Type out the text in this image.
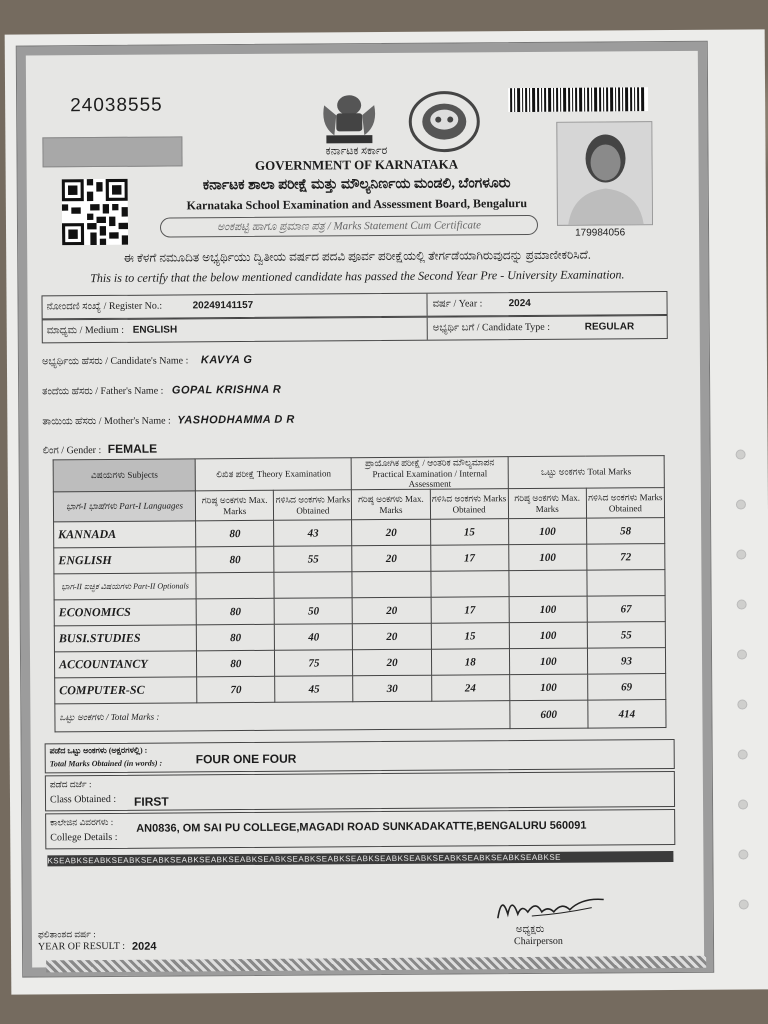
24038555
179984056
ಕರ್ನಾಟಕ ಸರ್ಕಾರ
GOVERNMENT OF KARNATAKA
ಕರ್ನಾಟಕ ಶಾಲಾ ಪರೀಕ್ಷೆ ಮತ್ತು ಮೌಲ್ಯನಿರ್ಣಯ ಮಂಡಲಿ, ಬೆಂಗಳೂರು
Karnataka School Examination and Assessment Board, Bengaluru
ಅಂಕಪಟ್ಟಿ ಹಾಗೂ ಪ್ರಮಾಣ ಪತ್ರ / Marks Statement Cum Certificate
ಈ ಕೆಳಗೆ ನಮೂದಿತ ಅಭ್ಯರ್ಥಿಯು ದ್ವಿತೀಯ ವರ್ಷದ ಪದವಿ ಪೂರ್ವ ಪರೀಕ್ಷೆಯಲ್ಲಿ ತೇರ್ಗಡೆಯಾಗಿರುವುದನ್ನು ಪ್ರಮಾಣೀಕರಿಸಿದೆ.
This is to certify that the below mentioned candidate has passed the Second Year Pre - University Examination.
ನೋಂದಣಿ ಸಂಖ್ಯೆ / Register No.:	20249141157	ವರ್ಷ / Year :	2024
ಮಾಧ್ಯಮ / Medium : ENGLISH	ಅಭ್ಯರ್ಥಿ ಬಗೆ / Candidate Type :	REGULAR
ಅಭ್ಯರ್ಥಿಯ ಹೆಸರು / Candidate's Name : KAVYA G
ತಂದೆಯ ಹೆಸರು / Father's Name : GOPAL KRISHNA R
ತಾಯಿಯ ಹೆಸರು / Mother's Name : YASHODHAMMA D R
ಲಿಂಗ / Gender : FEMALE
ವಿಷಯಗಳು Subjects	ಲಿಖಿತ ಪರೀಕ್ಷೆ Theory Examination		ಪ್ರಾಯೋಗಿಕ ಪರೀಕ್ಷೆ / ಆಂತರಿಕ ಮೌಲ್ಯಮಾಪನ Practical Examination / Internal Assessment		ಒಟ್ಟು ಅಂಕಗಳು Total Marks	
ಭಾಗ-I ಭಾಷೆಗಳು Part-I Languages	ಗರಿಷ್ಠ ಅಂಕಗಳು Max. Marks	ಗಳಿಸಿದ ಅಂಕಗಳು Marks Obtained	ಗರಿಷ್ಠ ಅಂಕಗಳು Max. Marks	ಗಳಿಸಿದ ಅಂಕಗಳು Marks Obtained	ಗರಿಷ್ಠ ಅಂಕಗಳು Max. Marks	ಗಳಿಸಿದ ಅಂಕಗಳು Marks Obtained
KANNADA	80	43	20	15	100	58
ENGLISH	80	55	20	17	100	72
ಭಾಗ-II ಐಚ್ಛಿಕ ವಿಷಯಗಳು Part-II Optionals						
ECONOMICS	80	50	20	17	100	67
BUSI.STUDIES	80	40	20	15	100	55
ACCOUNTANCY	80	75	20	18	100	93
COMPUTER-SC	70	45	30	24	100	69
ಒಟ್ಟು ಅಂಕಗಳು / Total Marks :					600	414
ಪಡೆದ ಒಟ್ಟು ಅಂಕಗಳು (ಅಕ್ಷರಗಳಲ್ಲಿ) :
Total Marks Obtained (in words) :	FOUR ONE FOUR
ಪಡೆದ ದರ್ಜೆ :
Class Obtained : FIRST
ಕಾಲೇಜಿನ ವಿವರಗಳು :
College Details :
AN0836, OM SAI PU COLLEGE,MAGADI ROAD SUNKADAKATTE,BENGALURU 560091
KSEABKSEABKSEABKSEABKSEABKSEABKSEABKSEABKSEABKSEABKSEABKSEABKSEABKSEABKSEABKSEABKSEABKSE
ಅಧ್ಯಕ್ಷರು
Chairperson
ಫಲಿತಾಂಶದ ವರ್ಷ :
YEAR OF RESULT : 2024
